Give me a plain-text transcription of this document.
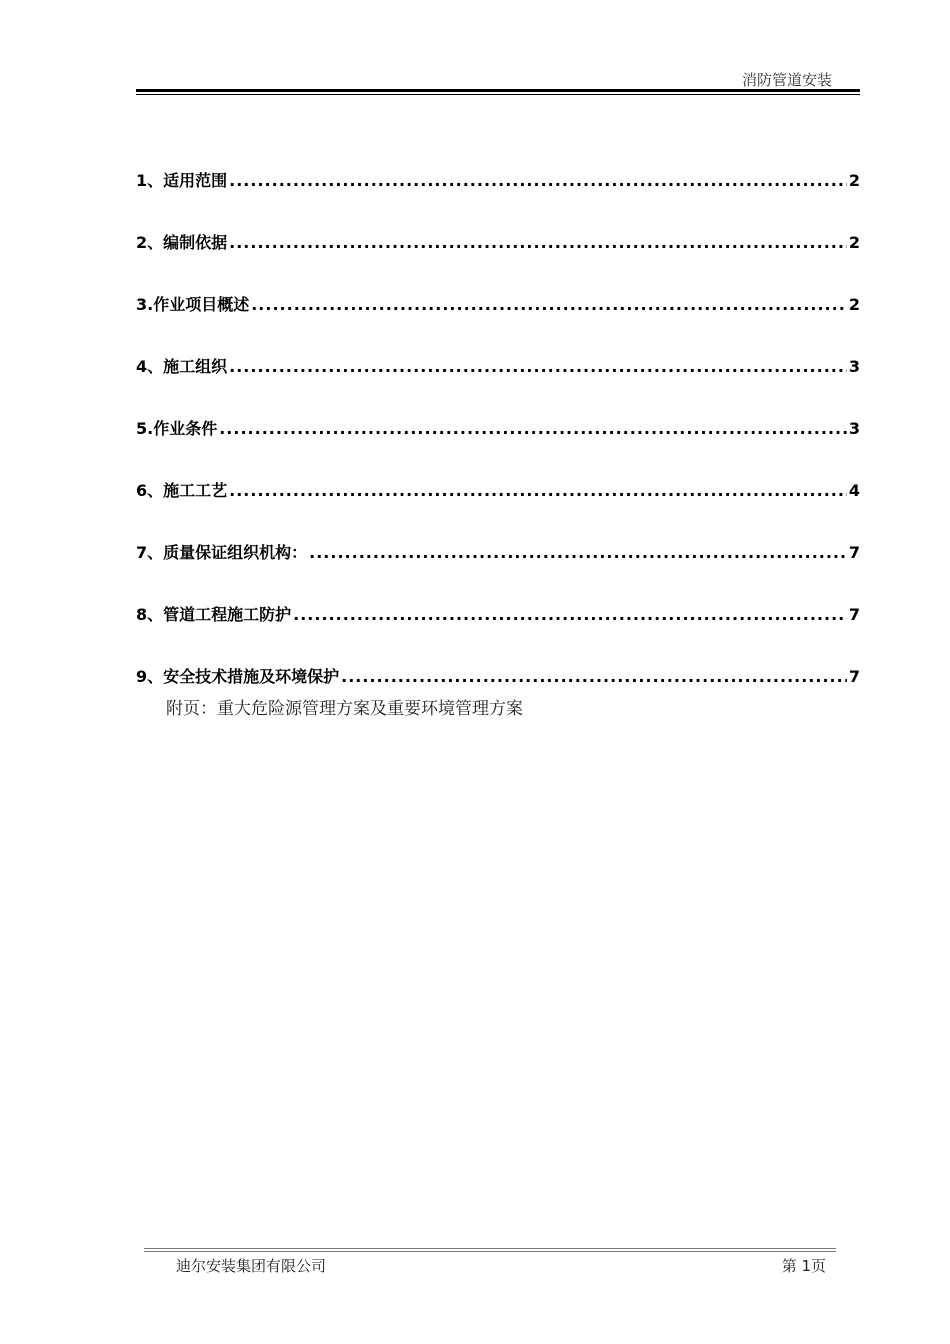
消防管道安装
1、适用范围 .....	2
2、编制依据 .....	2
3.作业项目概述 .....	2
4、施工组织 .....	3
5.作业条件 .....	3
6、施工工艺 .....	4
7、质量保证组织机构： .....	7
8、管道工程施工防护 .....	7
9、安全技术措施及环境保护 .....	7
附页：重大危险源管理方案及重要环境管理方案
迪尔安装集团有限公司	第 1页
